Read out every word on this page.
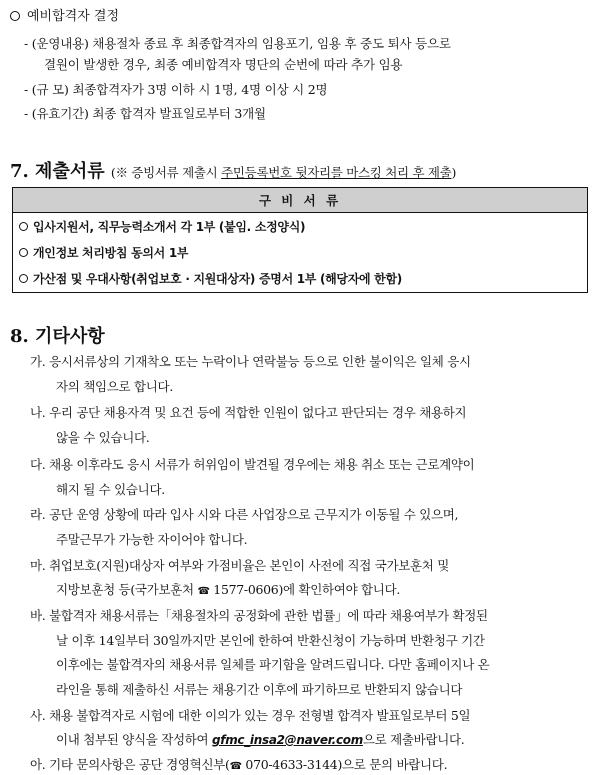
예비합격자 결정
- (운영내용) 채용절차 종료 후 최종합격자의 임용포기, 임용 후 중도 퇴사 등으로
결원이 발생한 경우, 최종 예비합격자 명단의 순번에 따라 추가 임용
- (규 모) 최종합격자가 3명 이하 시 1명, 4명 이상 시 2명
- (유효기간) 최종 합격자 발표일로부터 3개월
7. 제출서류 (※ 증빙서류 제출시 주민등록번호 뒷자리를 마스킹 처리 후 제출)
구 비 서 류
입사지원서, 직무능력소개서 각 1부 (붙임. 소정양식)
개인정보 처리방침 동의서 1부
가산점 및 우대사항(취업보호 · 지원대상자) 증명서 1부 (해당자에 한함)
8. 기타사항
가. 응시서류상의 기재착오 또는 누락이나 연락불능 등으로 인한 불이익은 일체 응시
자의 책임으로 합니다.
나. 우리 공단 채용자격 및 요건 등에 적합한 인원이 없다고 판단되는 경우 채용하지
않을 수 있습니다.
다. 채용 이후라도 응시 서류가 허위임이 발견될 경우에는 채용 취소 또는 근로계약이
해지 될 수 있습니다.
라. 공단 운영 상황에 따라 입사 시와 다른 사업장으로 근무지가 이동될 수 있으며,
주말근무가 가능한 자이어야 합니다.
마. 취업보호(지원)대상자 여부와 가점비율은 본인이 사전에 직접 국가보훈처 및
지방보훈청 등(국가보훈처 ☎ 1577-0606)에 확인하여야 합니다.
바. 불합격자 채용서류는「채용절차의 공정화에 관한 법률」에 따라 채용여부가 확정된
날 이후 14일부터 30일까지만 본인에 한하여 반환신청이 가능하며 반환청구 기간
이후에는 불합격자의 채용서류 일체를 파기함을 알려드립니다. 다만 홈페이지나 온
라인을 통해 제출하신 서류는 채용기간 이후에 파기하므로 반환되지 않습니다
사. 채용 불합격자로 시험에 대한 이의가 있는 경우 전형별 합격자 발표일로부터 5일
이내 첨부된 양식을 작성하여 gfmc_insa2@naver.com으로 제출바랍니다.
아. 기타 문의사항은 공단 경영혁신부(☎ 070-4633-3144)으로 문의 바랍니다.
